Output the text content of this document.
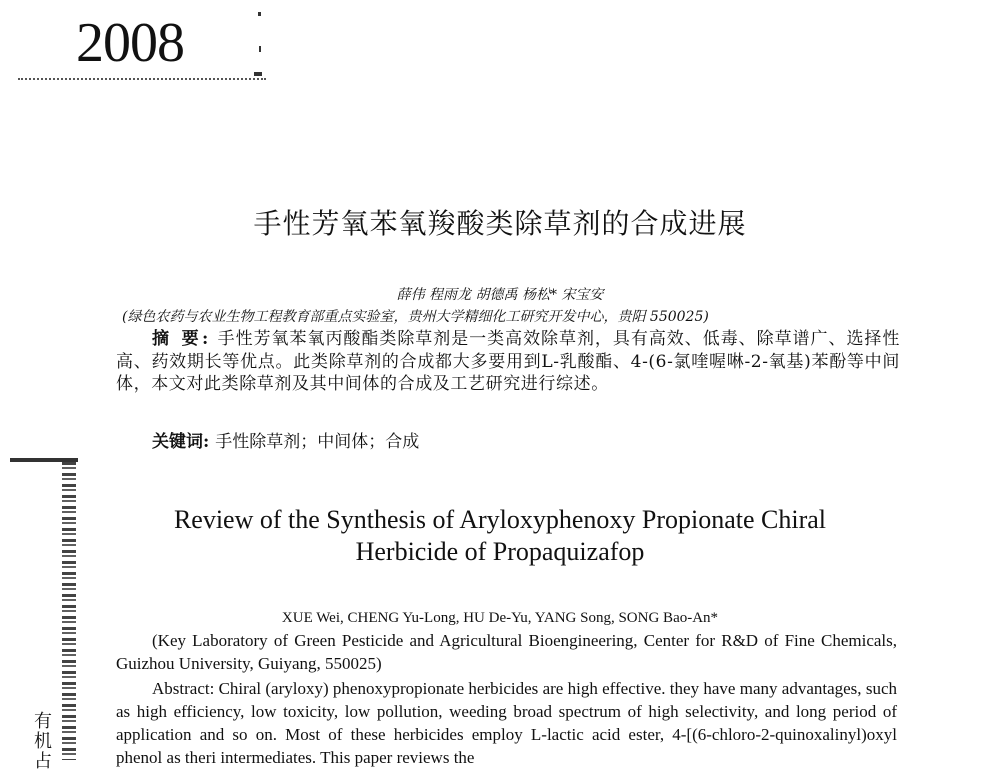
2008
手性芳氧苯氧羧酸类除草剂的合成进展
薛伟 程雨龙 胡德禹 杨松* 宋宝安
(绿色农药与农业生物工程教育部重点实验室，贵州大学精细化工研究开发中心，贵阳 550025)
摘 要: 手性芳氧苯氧丙酸酯类除草剂是一类高效除草剂，具有高效、低毒、除草谱广、选择性高、药效期长等优点。此类除草剂的合成都大多要用到L-乳酸酯、4-(6-氯喹喔啉-2-氧基)苯酚等中间体，本文对此类除草剂及其中间体的合成及工艺研究进行综述。
关键词: 手性除草剂；中间体；合成
Review of the Synthesis of Aryloxyphenoxy Propionate Chiral
Herbicide of Propaquizafop
XUE Wei, CHENG Yu-Long, HU De-Yu, YANG Song, SONG Bao-An*
(Key Laboratory of Green Pesticide and Agricultural Bioengineering, Center for R&D of Fine Chemicals, Guizhou University, Guiyang, 550025)
Abstract: Chiral (aryloxy) phenoxypropionate herbicides are high effective. they have many advantages, such as high efficiency, low toxicity, low pollution, weeding broad spectrum of high selectivity, and long period of application and so on. Most of these herbicides employ L-lactic acid ester, 4-[(6-chloro-2-quinoxalinyl)oxyl phenol as theri intermediates. This paper reviews the
有
机
占
